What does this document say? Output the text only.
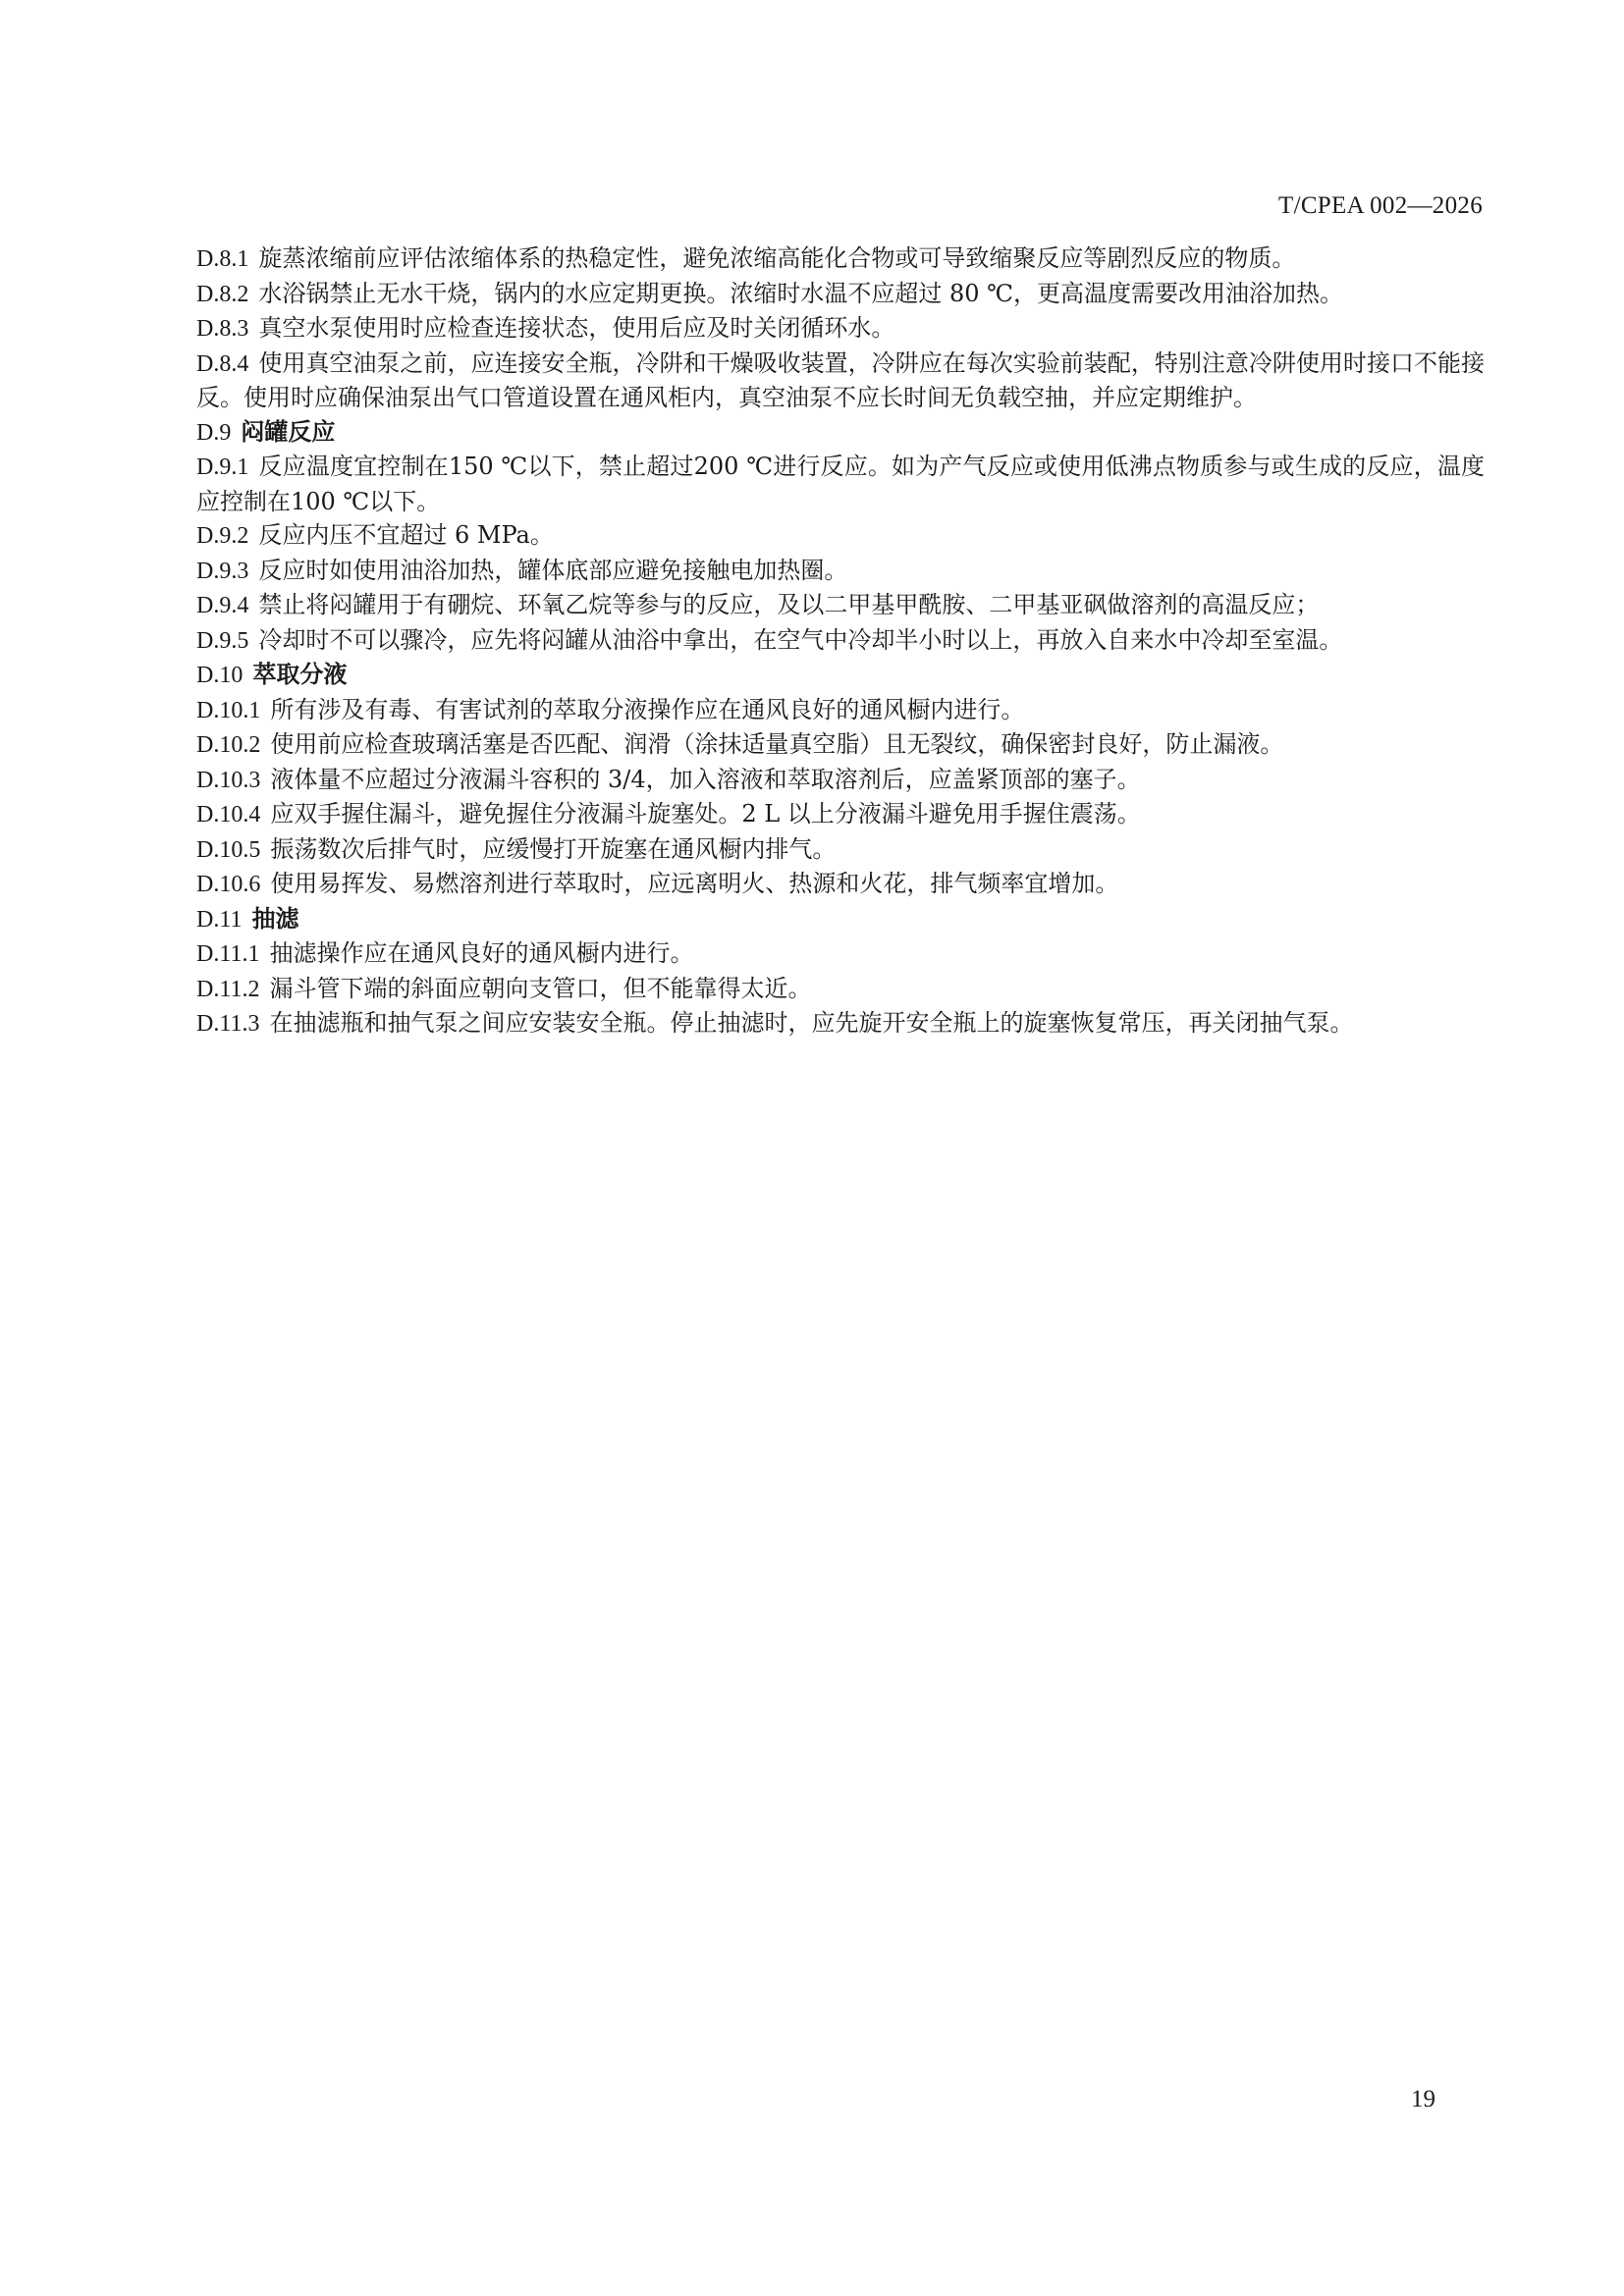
T/CPEA 002—2026

D.8.1 旋蒸浓缩前应评估浓缩体系的热稳定性，避免浓缩高能化合物或可导致缩聚反应等剧烈反应的物质。

D.8.2 水浴锅禁止无水干烧，锅内的水应定期更换。浓缩时水温不应超过 80 ℃，更高温度需要改用油浴加热。

D.8.3 真空水泵使用时应检查连接状态，使用后应及时关闭循环水。

D.8.4 使用真空油泵之前，应连接安全瓶，冷阱和干燥吸收装置，冷阱应在每次实验前装配，特别注意冷阱使用时接口不能接反。使用时应确保油泵出气口管道设置在通风柜内，真空油泵不应长时间无负载空抽，并应定期维护。

D.9 闷罐反应

D.9.1 反应温度宜控制在150 ℃以下，禁止超过200 ℃进行反应。如为产气反应或使用低沸点物质参与或生成的反应，温度应控制在100 ℃以下。

D.9.2 反应内压不宜超过 6 MPa。

D.9.3 反应时如使用油浴加热，罐体底部应避免接触电加热圈。

D.9.4 禁止将闷罐用于有硼烷、环氧乙烷等参与的反应，及以二甲基甲酰胺、二甲基亚砜做溶剂的高温反应；

D.9.5 冷却时不可以骤冷，应先将闷罐从油浴中拿出，在空气中冷却半小时以上，再放入自来水中冷却至室温。

D.10 萃取分液

D.10.1 所有涉及有毒、有害试剂的萃取分液操作应在通风良好的通风橱内进行。

D.10.2 使用前应检查玻璃活塞是否匹配、润滑（涂抹适量真空脂）且无裂纹，确保密封良好，防止漏液。

D.10.3 液体量不应超过分液漏斗容积的 3/4，加入溶液和萃取溶剂后，应盖紧顶部的塞子。

D.10.4 应双手握住漏斗，避免握住分液漏斗旋塞处。2 L 以上分液漏斗避免用手握住震荡。

D.10.5 振荡数次后排气时，应缓慢打开旋塞在通风橱内排气。

D.10.6 使用易挥发、易燃溶剂进行萃取时，应远离明火、热源和火花，排气频率宜增加。

D.11 抽滤

D.11.1 抽滤操作应在通风良好的通风橱内进行。

D.11.2 漏斗管下端的斜面应朝向支管口，但不能靠得太近。

D.11.3 在抽滤瓶和抽气泵之间应安装安全瓶。停止抽滤时，应先旋开安全瓶上的旋塞恢复常压，再关闭抽气泵。

19
